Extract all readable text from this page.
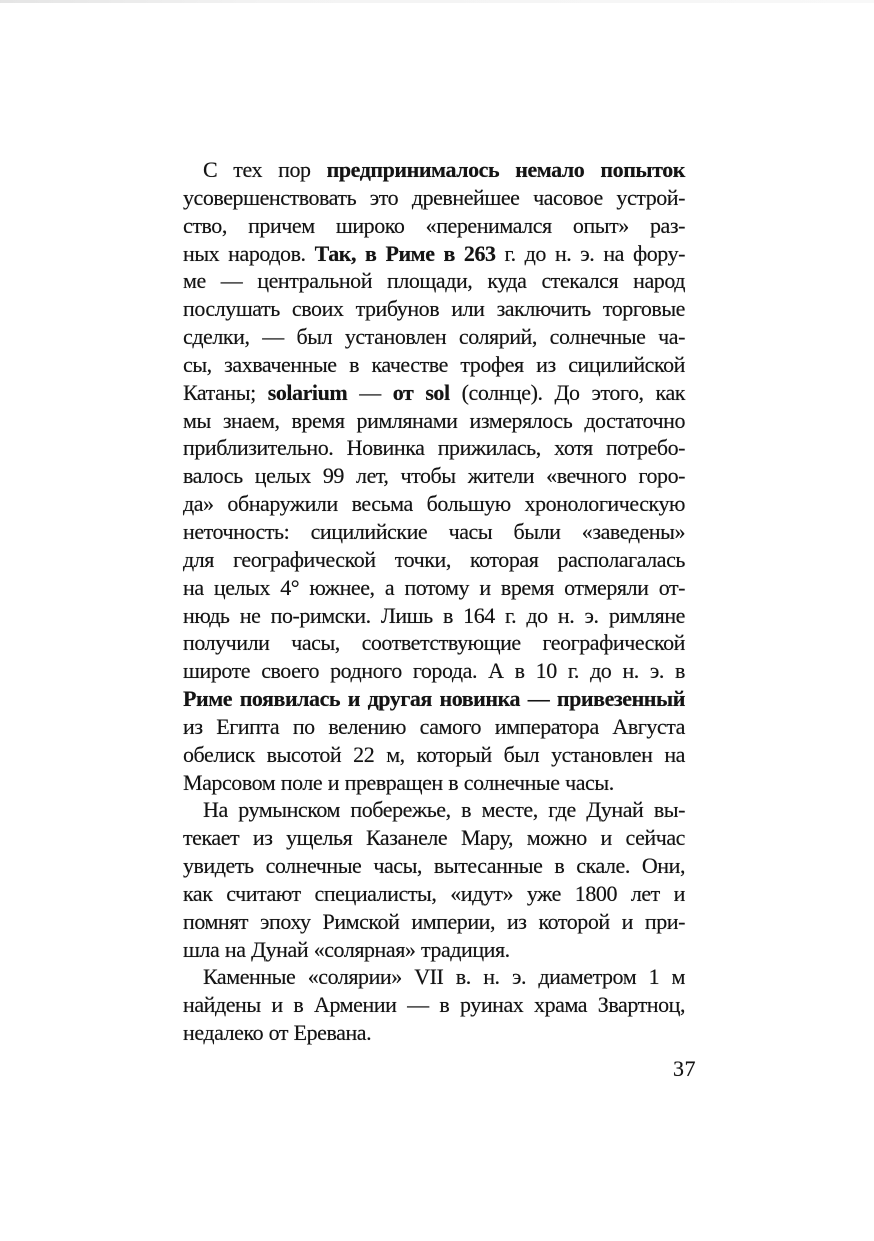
С тех пор предпринималось немало попыток
усовершенствовать это древнейшее часовое устрой-
ство, причем широко «перенимался опыт» раз-
ных народов. Так, в Риме в 263 г. до н. э. на фору-
ме — центральной площади, куда стекался народ
послушать своих трибунов или заключить торговые
сделки, — был установлен солярий, солнечные ча-
сы, захваченные в качестве трофея из сицилийской
Катаны; solarium — от sol (солнце). До этого, как
мы знаем, время римлянами измерялось достаточно
приблизительно. Новинка прижилась, хотя потребо-
валось целых 99 лет, чтобы жители «вечного горо-
да» обнаружили весьма большую хронологическую
неточность: сицилийские часы были «заведены»
для географической точки, которая располагалась
на целых 4° южнее, а потому и время отмеряли от-
нюдь не по-римски. Лишь в 164 г. до н. э. римляне
получили часы, соответствующие географической
широте своего родного города. А в 10 г. до н. э. в
Риме появилась и другая новинка — привезенный
из Египта по велению самого императора Августа
обелиск высотой 22 м, который был установлен на
Марсовом поле и превращен в солнечные часы.

На румынском побережье, в месте, где Дунай вы-
текает из ущелья Казанеле Мару, можно и сейчас
увидеть солнечные часы, вытесанные в скале. Они,
как считают специалисты, «идут» уже 1800 лет и
помнят эпоху Римской империи, из которой и при-
шла на Дунай «солярная» традиция.

Каменные «солярии» VII в. н. э. диаметром 1 м
найдены и в Армении — в руинах храма Звартноц,
недалеко от Еревана.

37
